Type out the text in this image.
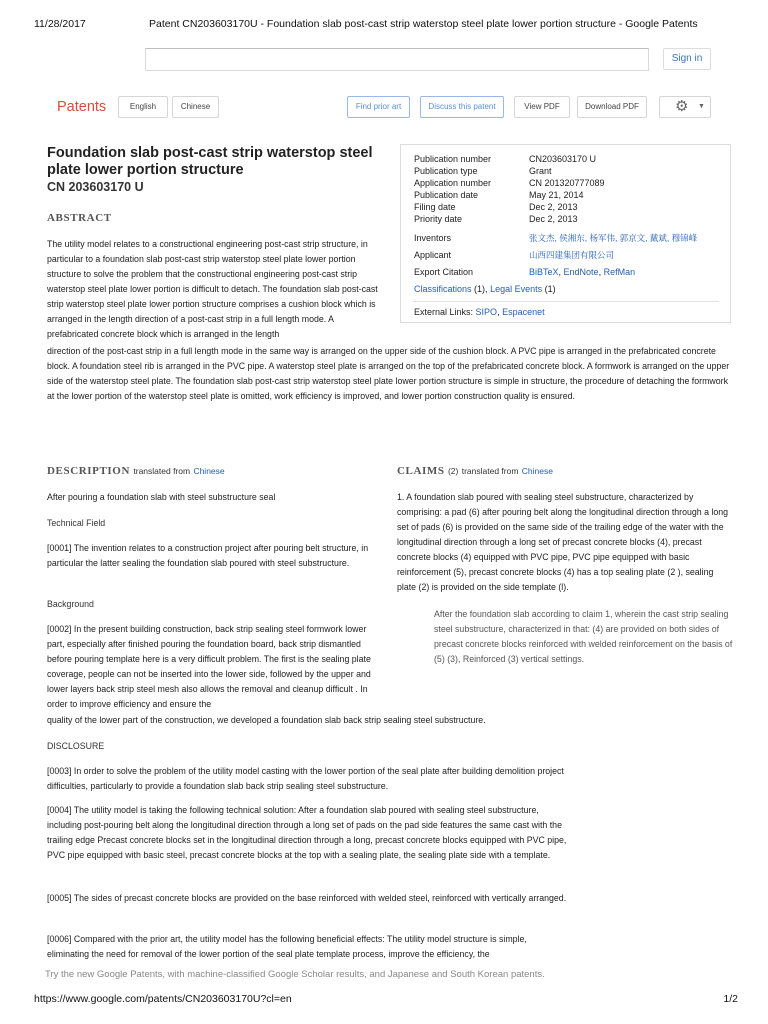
11/28/2017	Patent CN203603170U - Foundation slab post-cast strip waterstop steel plate lower portion structure - Google Patents
Sign in
Patents	English	Chinese	Find prior art	Discuss this patent	View PDF	Download PDF	⚙ ▼
Foundation slab post-cast strip waterstop steel plate lower portion structure
CN 203603170 U
Publication number	CN203603170 U
Publication type	Grant
Application number	CN 201320777089
Publication date	May 21, 2014
Filing date	Dec 2, 2013
Priority date	Dec 2, 2013
Inventors	张文杰, 侯湘东, 杨军伟, 郭京文, 戴斌, 穆锦峰
Applicant	山西四建集团有限公司
Export Citation	BiBTeX, EndNote, RefMan
Classifications (1), Legal Events (1)
External Links: SIPO, Espacenet
ABSTRACT
The utility model relates to a constructional engineering post-cast strip structure, in particular to a foundation slab post-cast strip waterstop steel plate lower portion structure to solve the problem that the constructional engineering post-cast strip waterstop steel plate lower portion is difficult to detach. The foundation slab post-cast strip waterstop steel plate lower portion structure comprises a cushion block which is arranged in the length direction of a post-cast strip in a full length mode. A prefabricated concrete block which is arranged in the length
direction of the post-cast strip in a full length mode in the same way is arranged on the upper side of the cushion block. A PVC pipe is arranged in the prefabricated concrete block. A foundation steel rib is arranged in the PVC pipe. A waterstop steel plate is arranged on the top of the prefabricated concrete block. A formwork is arranged on the upper side of the waterstop steel plate. The foundation slab post-cast strip waterstop steel plate lower portion structure is simple in structure, the procedure of detaching the formwork at the lower portion of the waterstop steel plate is omitted, work efficiency is improved, and lower portion construction quality is ensured.
DESCRIPTION translated from Chinese	CLAIMS (2) translated from Chinese
After pouring a foundation slab with steel substructure seal
Technical Field
[0001] The invention relates to a construction project after pouring belt structure, in particular the latter sealing the foundation slab poured with steel substructure.
Background
[0002] In the present building construction, back strip sealing steel formwork lower part, especially after finished pouring the foundation board, back strip dismantled before pouring template here is a very difficult problem. The first is the sealing plate coverage, people can not be inserted into the lower side, followed by the upper and lower layers back strip steel mesh also allows the removal and cleanup difficult . In order to improve efficiency and ensure the
quality of the lower part of the construction, we developed a foundation slab back strip sealing steel substructure.
DISCLOSURE
[0003] In order to solve the problem of the utility model casting with the lower portion of the seal plate after building demolition project difficulties, particularly to provide a foundation slab back strip sealing steel substructure.
[0004] The utility model is taking the following technical solution: After a foundation slab poured with sealing steel substructure, including post-pouring belt along the longitudinal direction through a long set of pads on the pad side features the same cast with the trailing edge Precast concrete blocks set in the longitudinal direction through a long, precast concrete blocks equipped with PVC pipe, PVC pipe equipped with basic steel, precast concrete blocks at the top with a sealing plate, the sealing plate side with a template.
[0005] The sides of precast concrete blocks are provided on the base reinforced with welded steel, reinforced with vertically arranged.
[0006] Compared with the prior art, the utility model has the following beneficial effects: The utility model structure is simple, eliminating the need for removal of the lower portion of the seal plate template process, improve the efficiency, the
1. A foundation slab poured with sealing steel substructure, characterized by comprising: a pad (6) after pouring belt along the longitudinal direction through a long set of pads (6) is provided on the same side of the trailing edge of the water with the longitudinal direction through a long set of precast concrete blocks (4), precast concrete blocks (4) equipped with PVC pipe, PVC pipe equipped with basic reinforcement (5), precast concrete blocks (4) has a top sealing plate (2 ), sealing plate (2) is provided on the side template (l).
After the foundation slab according to claim 1, wherein the cast strip sealing steel substructure, characterized in that: (4) are provided on both sides of precast concrete blocks reinforced with welded reinforcement on the basis of (5) (3), Reinforced (3) vertical settings.
Try the new Google Patents, with machine-classified Google Scholar results, and Japanese and South Korean patents.
https://www.google.com/patents/CN203603170U?cl=en	1/2
